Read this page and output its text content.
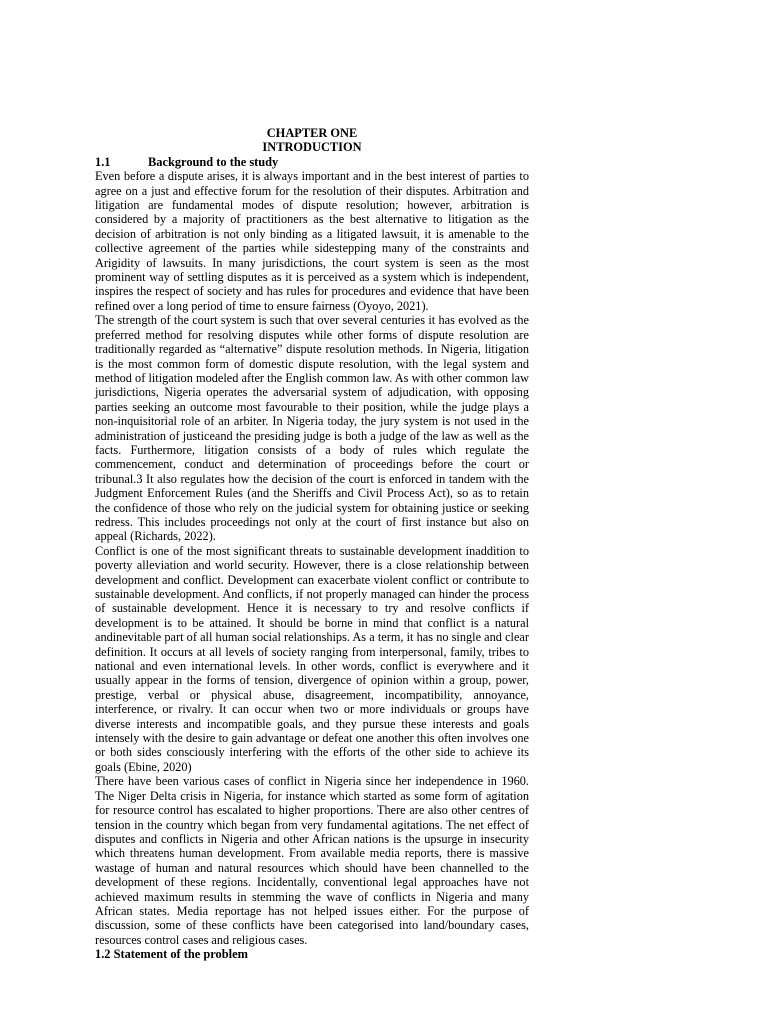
CHAPTER ONE
INTRODUCTION
1.1	Background to the study

Even before a dispute arises, it is always important and in the best interest of parties to agree on a just and effective forum for the resolution of their disputes. Arbitration and litigation are fundamental modes of dispute resolution; however, arbitration is considered by a majority of practitioners as the best alternative to litigation as the decision of arbitration is not only binding as a litigated lawsuit, it is amenable to the collective agreement of the parties while sidestepping many of the constraints and Arigidity of lawsuits. In many jurisdictions, the court system is seen as the most prominent way of settling disputes as it is perceived as a system which is independent, inspires the respect of society and has rules for procedures and evidence that have been refined over a long period of time to ensure fairness (Oyoyo, 2021).

The strength of the court system is such that over several centuries it has evolved as the preferred method for resolving disputes while other forms of dispute resolution are traditionally regarded as “alternative” dispute resolution methods. In Nigeria, litigation is the most common form of domestic dispute resolution, with the legal system and method of litigation modeled after the English common law. As with other common law jurisdictions, Nigeria operates the adversarial system of adjudication, with opposing parties seeking an outcome most favourable to their position, while the judge plays a non-inquisitorial role of an arbiter. In Nigeria today, the jury system is not used in the administration of justiceand the presiding judge is both a judge of the law as well as the facts. Furthermore, litigation consists of a body of rules which regulate the commencement, conduct and determination of proceedings before the court or tribunal.3 It also regulates how the decision of the court is enforced in tandem with the Judgment Enforcement Rules (and the Sheriffs and Civil Process Act), so as to retain the confidence of those who rely on the judicial system for obtaining justice or seeking redress. This includes proceedings not only at the court of first instance but also on appeal (Richards, 2022).

Conflict is one of the most significant threats to sustainable development inaddition to poverty alleviation and world security. However, there is a close relationship between development and conflict. Development can exacerbate violent conflict or contribute to sustainable development. And conflicts, if not properly managed can hinder the process of sustainable development. Hence it is necessary to try and resolve conflicts if development is to be attained. It should be borne in mind that conflict is a natural andinevitable part of all human social relationships. As a term, it has no single and clear definition. It occurs at all levels of society ranging from interpersonal, family, tribes to national and even international levels. In other words, conflict is everywhere and it usually appear in the forms of tension, divergence of opinion within a group, power, prestige, verbal or physical abuse, disagreement, incompatibility, annoyance, interference, or rivalry. It can occur when two or more individuals or groups have diverse interests and incompatible goals, and they pursue these interests and goals intensely with the desire to gain advantage or defeat one another this often involves one or both sides consciously interfering with the efforts of the other side to achieve its goals (Ebine, 2020)

There have been various cases of conflict in Nigeria since her independence in 1960. The Niger Delta crisis in Nigeria, for instance which started as some form of agitation for resource control has escalated to higher proportions. There are also other centres of tension in the country which began from very fundamental agitations. The net effect of disputes and conflicts in Nigeria and other African nations is the upsurge in insecurity which threatens human development. From available media reports, there is massive wastage of human and natural resources which should have been channelled to the development of these regions. Incidentally, conventional legal approaches have not achieved maximum results in stemming the wave of conflicts in Nigeria and many African states. Media reportage has not helped issues either. For the purpose of discussion, some of these conflicts have been categorised into land/boundary cases, resources control cases and religious cases.

1.2 Statement of the problem
